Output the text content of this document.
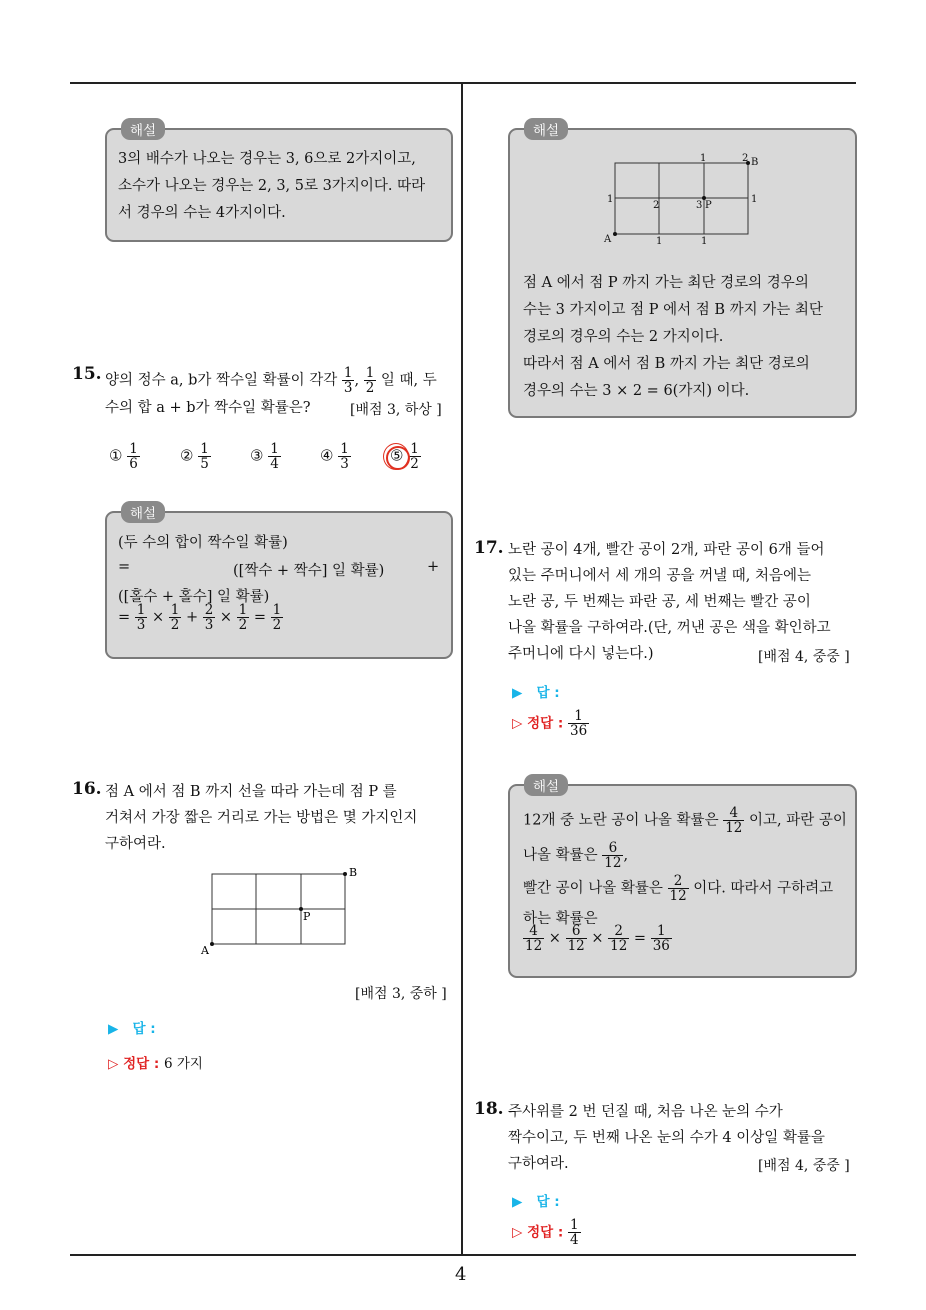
4
해설
3의 배수가 나오는 경우는 3, 6으로 2가지이고,
소수가 나오는 경우는 2, 3, 5로 3가지이다. 따라
서 경우의 수는 4가지이다.
15. 양의 정수 a, b가 짝수일 확률이 각각 $\frac{1}{3}$ , $\frac{1}{2}$ 일 때, 두
수의 합 a + b가 짝수일 확률은?	[배점 3, 하상 ]
① $\frac{1}{6}$	② $\frac{1}{5}$	③ $\frac{1}{4}$	④ $\frac{1}{3}$	⑤ $\frac{1}{2}$
해설
(두 수의 합이 짝수일 확률)
=	([짝수 + 짝수] 일 확률)	+
([홀수 + 홀수] 일 확률)
= $\frac{1}{3} \times \frac{1}{2} + \frac{2}{3} \times \frac{1}{2} = \frac{1}{2}$
16. 점 A 에서 점 B 까지 선을 따라 가는데 점 P 를
거쳐서 가장 짧은 거리로 가는 방법은 몇 가지인지
구하여라.
A
B
P
[배점 3, 중하 ]
▶ 답 :
▷ 정답 : 6 가지
해설
A
B
P
1	2
1
2	3
1
1	1
점 A 에서 점 P 까지 가는 최단 경로의 경우의
수는 3 가지이고 점 P 에서 점 B 까지 가는 최단
경로의 경우의 수는 2 가지이다.
따라서 점 A 에서 점 B 까지 가는 최단 경로의
경우의 수는 3 × 2 = 6(가지) 이다.
17. 노란 공이 4개, 빨간 공이 2개, 파란 공이 6개 들어
있는 주머니에서 세 개의 공을 꺼낼 때, 처음에는
노란 공, 두 번째는 파란 공, 세 번째는 빨간 공이
나올 확률을 구하여라.(단, 꺼낸 공은 색을 확인하고
주머니에 다시 넣는다.)	[배점 4, 중중 ]
▶ 답 :
▷ 정답 : $\frac{1}{36}$
해설
12개 중 노란 공이 나올 확률은 $\frac{4}{12}$ 이고, 파란 공이
나올 확률은 $\frac{6}{12}$ ,
빨간 공이 나올 확률은 $\frac{2}{12}$ 이다. 따라서 구하려고
하는 확률은
$\frac{4}{12} \times \frac{6}{12} \times \frac{2}{12} = \frac{1}{36}$
18. 주사위를 2 번 던질 때, 처음 나온 눈의 수가
짝수이고, 두 번째 나온 눈의 수가 4 이상일 확률을
구하여라.	[배점 4, 중중 ]
▶ 답 :
▷ 정답 : $\frac{1}{4}$
